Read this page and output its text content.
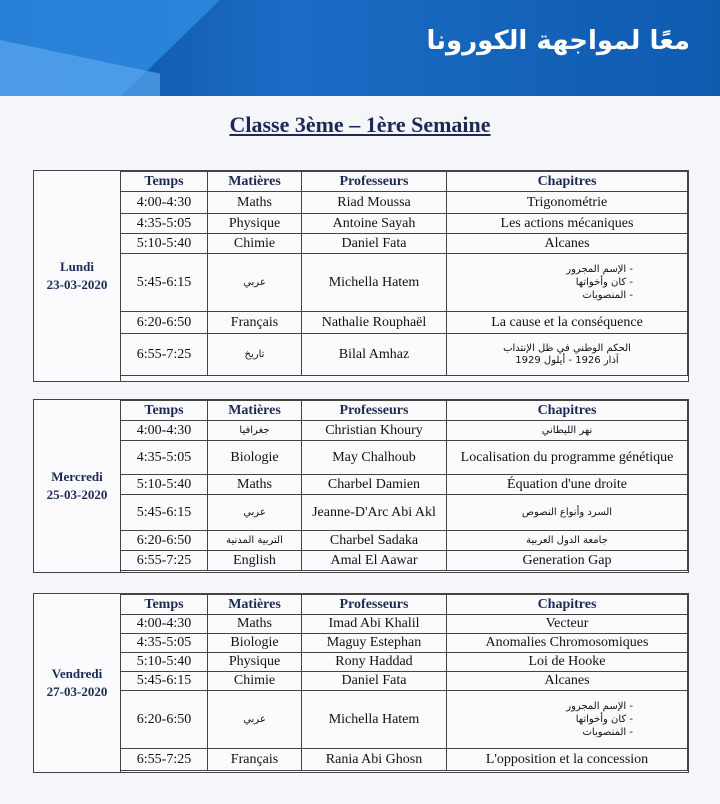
معًا لمواجهة الكورونا
Classe 3ème – 1ère Semaine
Lundi
23-03-2020
Temps	Matières	Professeurs	Chapitres
4:00-4:30	Maths	Riad Moussa	Trigonométrie
4:35-5:05	Physique	Antoine Sayah	Les actions mécaniques
5:10-5:40	Chimie	Daniel Fata	Alcanes
5:45-6:15	عربي	Michella Hatem	- الإسم المجرور
- كان وأخواتها
- المنصوبات

6:20-6:50	Français	Nathalie Rouphaël	La cause et la conséquence
6:55-7:25	تاريخ	Bilal Amhaz	الحكم الوطني في ظل الإنتداب
آذار 1926 - أيلول 1929
Mercredi
25-03-2020
Temps	Matières	Professeurs	Chapitres
4:00-4:30	جغرافيا	Christian Khoury	نهر الليطاني
4:35-5:05	Biologie	May Chalhoub	Localisation du programme génétique
5:10-5:40	Maths	Charbel Damien	Équation d'une droite
5:45-6:15	عربي	Jeanne-D'Arc Abi Akl	السرد وأنواع النصوص
6:20-6:50	التربية المدنية	Charbel Sadaka	جامعة الدول العربية
6:55-7:25	English	Amal El Aawar	Generation Gap
Vendredi
27-03-2020
Temps	Matières	Professeurs	Chapitres
4:00-4:30	Maths	Imad Abi Khalil	Vecteur
4:35-5:05	Biologie	Maguy Estephan	Anomalies Chromosomiques
5:10-5:40	Physique	Rony Haddad	Loi de Hooke
5:45-6:15	Chimie	Daniel Fata	Alcanes
6:20-6:50	عربي	Michella Hatem	- الإسم المجرور
- كان وأخواتها
- المنصوبات

6:55-7:25	Français	Rania Abi Ghosn	L'opposition et la concession
